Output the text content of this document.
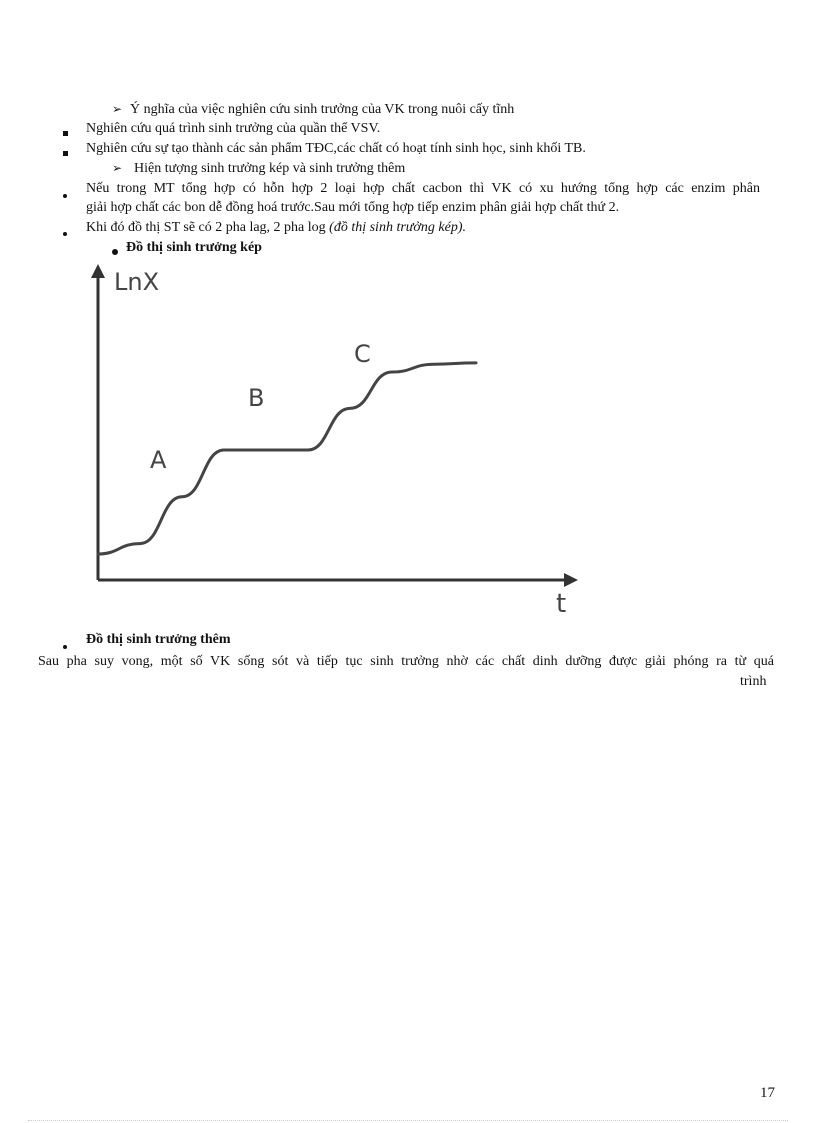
➢ Ý nghĩa của việc nghiên cứu sinh trưởng của VK trong nuôi cấy tĩnh
Nghiên cứu quá trình sinh trưởng của quần thể VSV.
Nghiên cứu sự tạo thành các sản phẩm TĐC,các chất có hoạt tính sinh học, sinh khối TB.
➢ Hiện tượng sinh trưởng kép và sinh trưởng thêm
Nếu trong MT tổng hợp có hỗn hợp 2 loại hợp chất cacbon thì VK có xu hướng tổng hợp các enzim phân
giải hợp chất các bon dễ đồng hoá trước.Sau mới tổng hợp tiếp enzim phân giải hợp chất thứ 2.
Khi đó đồ thị ST sẽ có 2 pha lag, 2 pha log (đồ thị sinh trưởng kép).
Đồ thị sinh trưởng kép
LnX
t
A
B
C
Đồ thị sinh trưởng thêm
Sau pha suy vong, một số VK sống sót và tiếp tục sinh trưởng nhờ các chất dinh dưỡng được giải phóng ra từ quá
trình
17
